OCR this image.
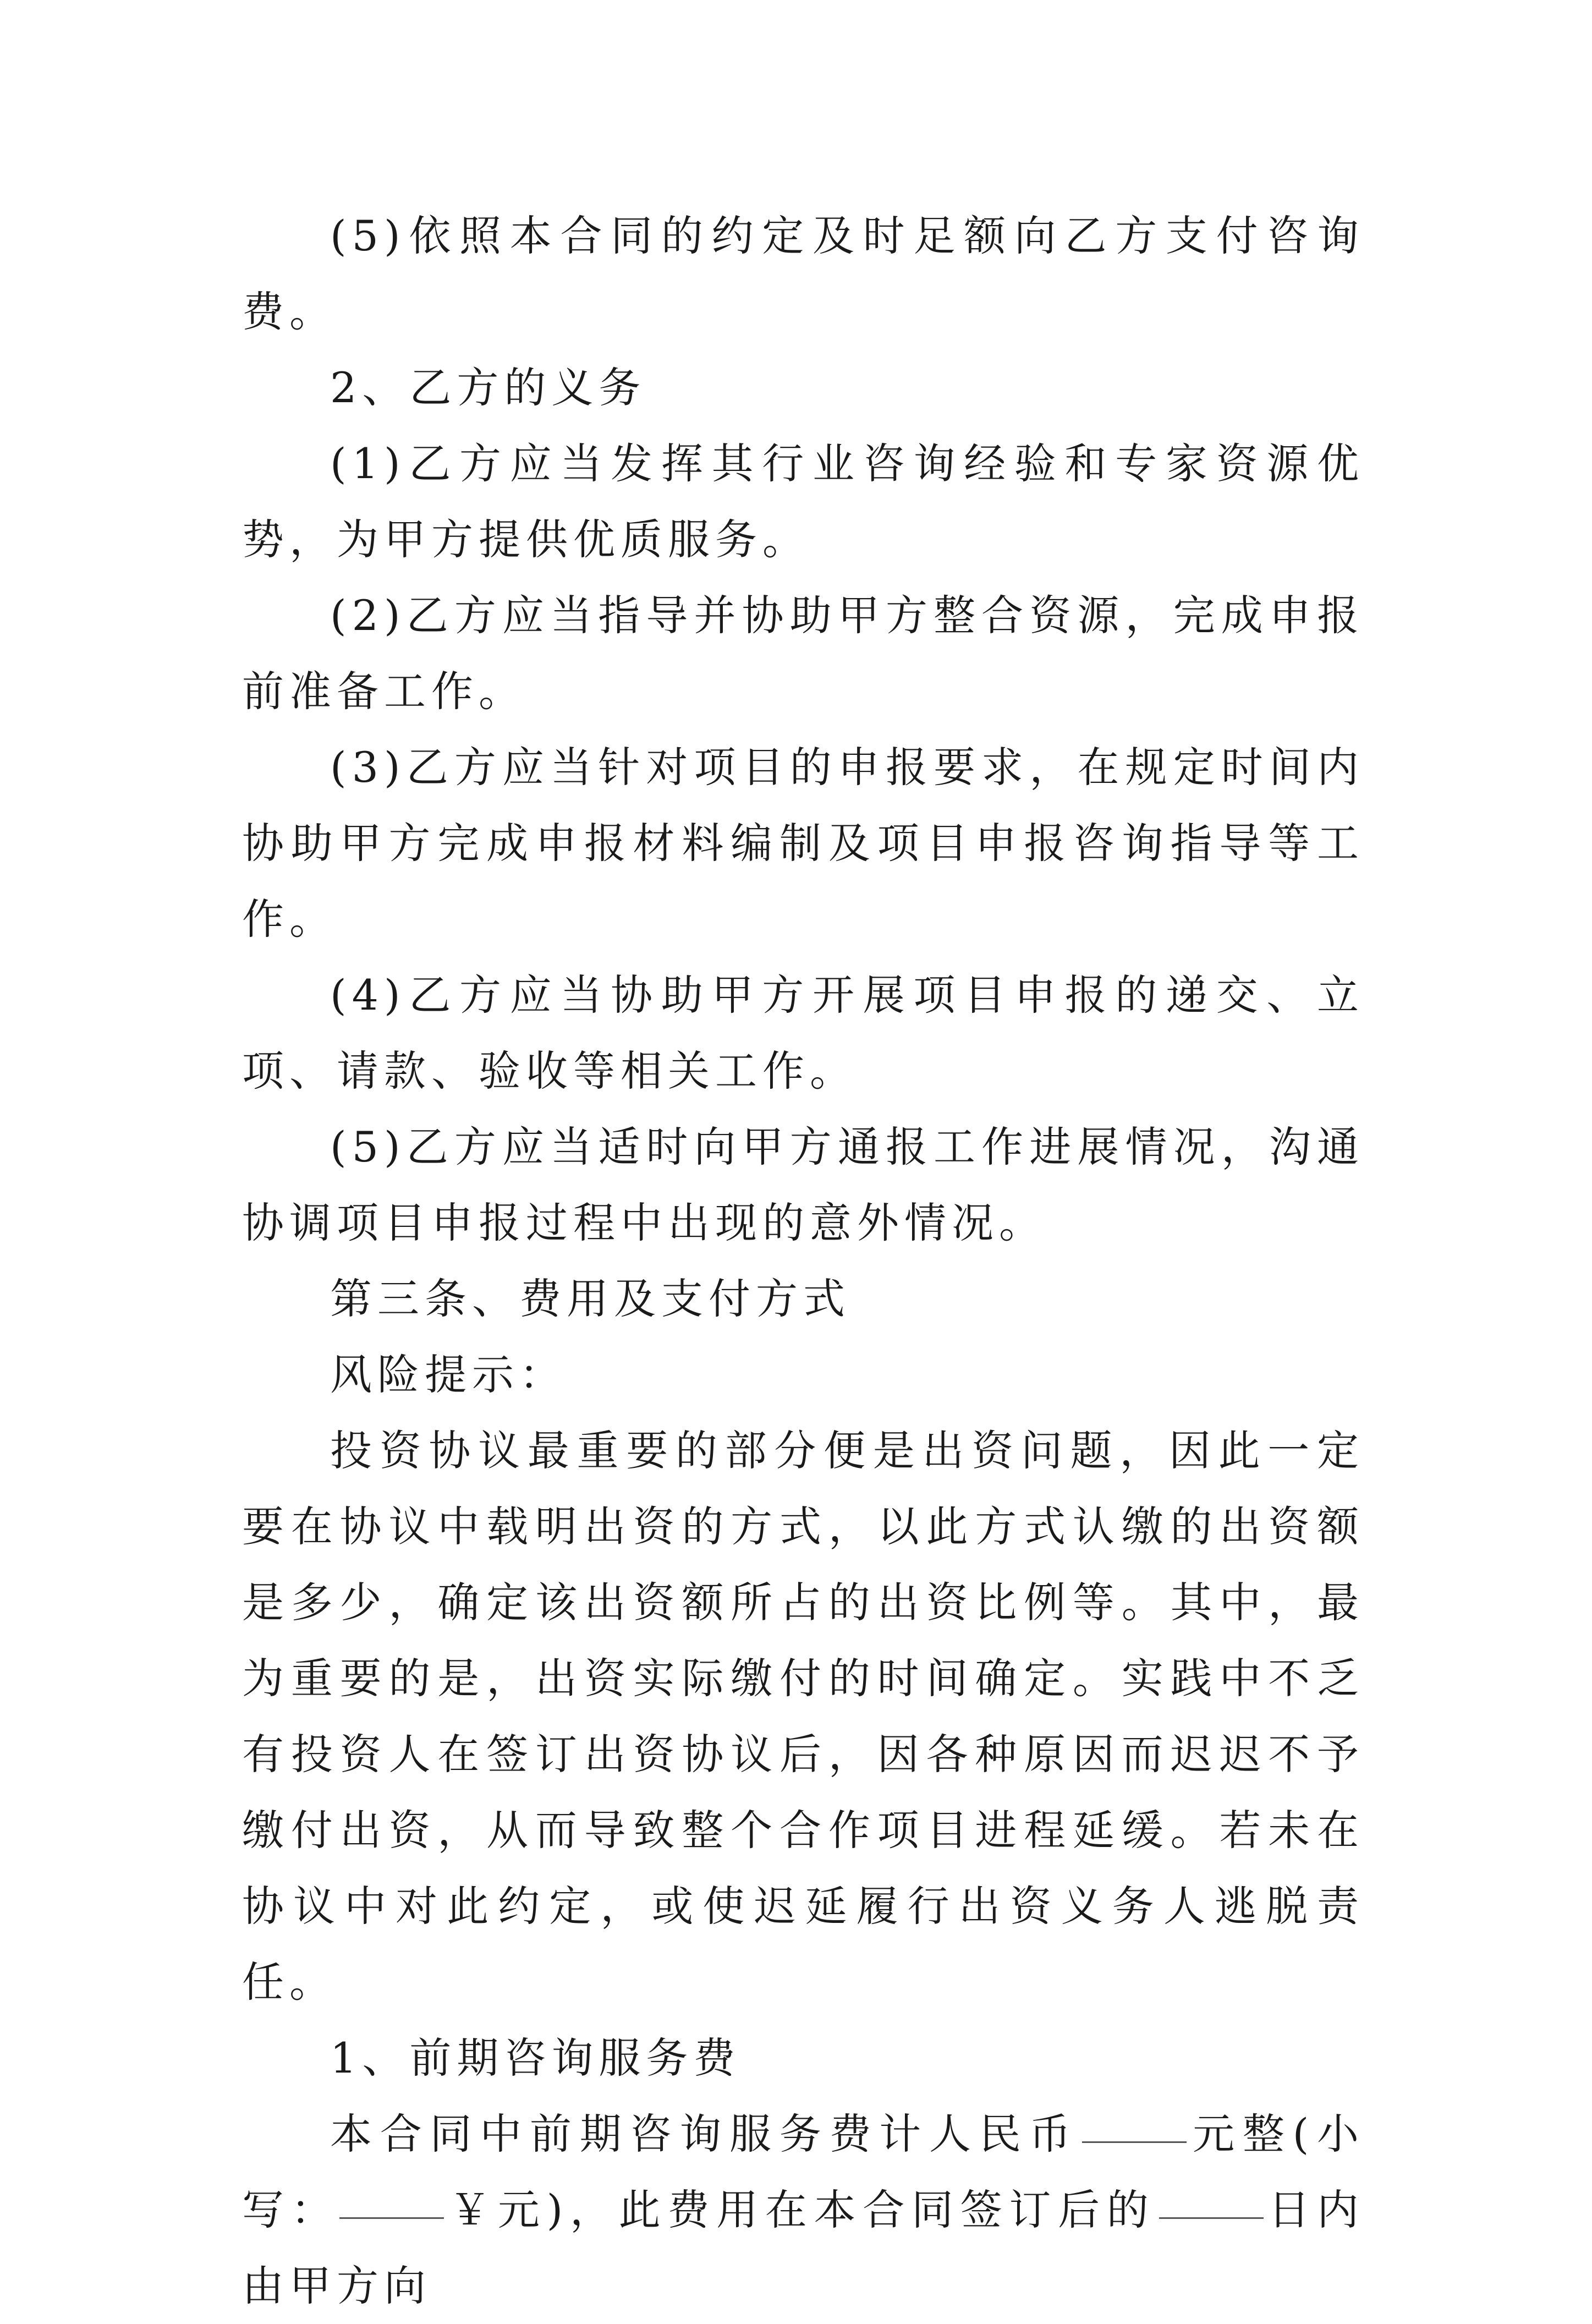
(5)依照本合同的约定及时足额向乙方支付咨询费。

2、乙方的义务

(1)乙方应当发挥其行业咨询经验和专家资源优势，为甲方提供优质服务。

(2)乙方应当指导并协助甲方整合资源，完成申报前准备工作。

(3)乙方应当针对项目的申报要求，在规定时间内协助甲方完成申报材料编制及项目申报咨询指导等工作。

(4)乙方应当协助甲方开展项目申报的递交、立项、请款、验收等相关工作。

(5)乙方应当适时向甲方通报工作进展情况，沟通协调项目申报过程中出现的意外情况。

第三条、费用及支付方式

风险提示：

投资协议最重要的部分便是出资问题，因此一定要在协议中载明出资的方式，以此方式认缴的出资额是多少，确定该出资额所占的出资比例等。其中，最为重要的是，出资实际缴付的时间确定。实践中不乏有投资人在签订出资协议后，因各种原因而迟迟不予缴付出资，从而导致整个合作项目进程延缓。若未在协议中对此约定，或使迟延履行出资义务人逃脱责任。

1、前期咨询服务费

本合同中前期咨询服务费计人民币	元整(小写：	￥元)，此费用在本合同签订后的	日内由甲方向
